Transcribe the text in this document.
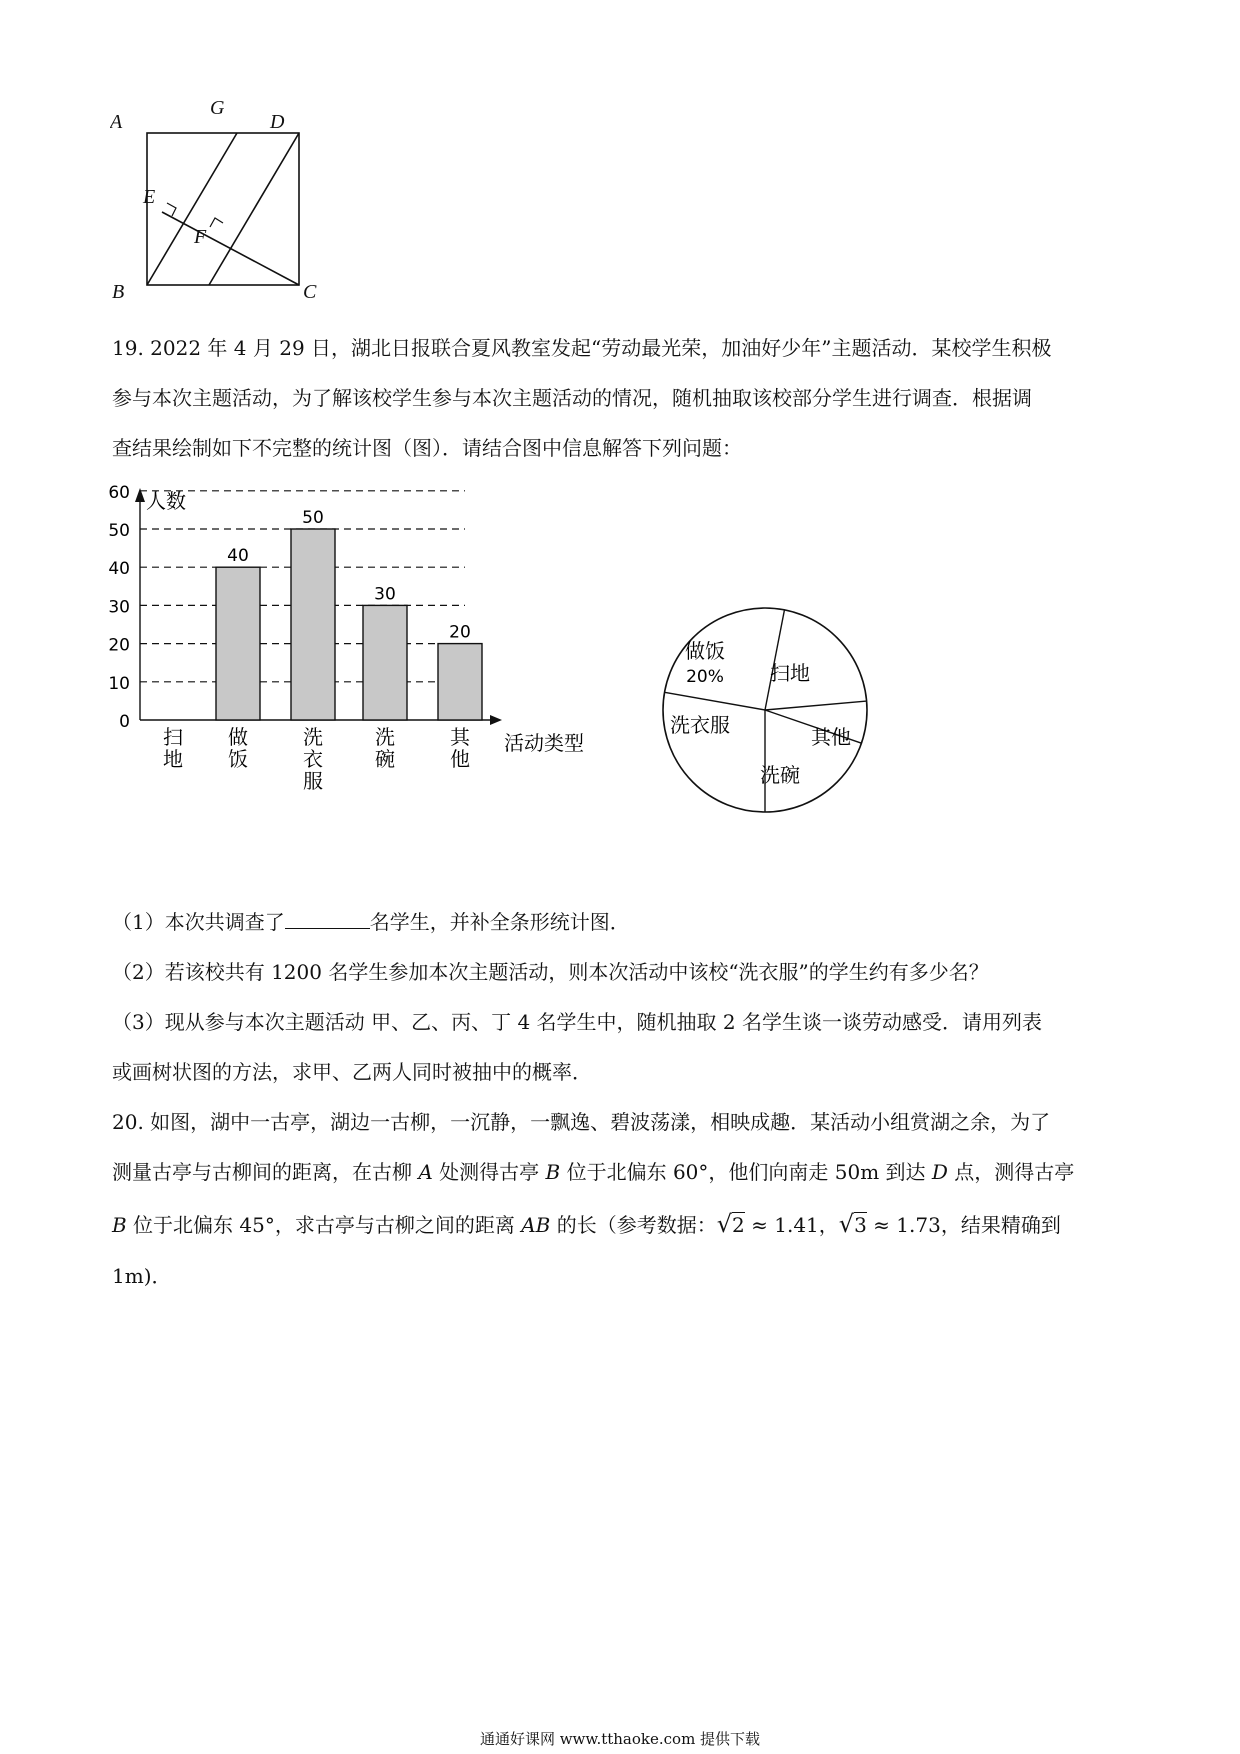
A
G
D
E
F
B	C
19. 2022 年 4 月 29 日，湖北日报联合夏风教室发起“劳动最光荣，加油好少年”主题活动．某校学生积极
参与本次主题活动，为了解该校学生参与本次主题活动的情况，随机抽取该校部分学生进行调查．根据调
查结果绘制如下不完整的统计图（图）．请结合图中信息解答下列问题：
人数
0
10
20
30
40
50
60
扫
地
40
做
饭
50
洗
衣
服
30
洗
碗
20
其
他
活动类型
做饭
20% 扫地
其他
洗碗
洗衣服
（1）本次共调查了	名学生，并补全条形统计图．
（2）若该校共有 1200 名学生参加本次主题活动，则本次活动中该校“洗衣服”的学生约有多少名？
（3）现从参与本次主题活动 甲、乙、丙、丁 4 名学生中，随机抽取 2 名学生谈一谈劳动感受．请用列表
或画树状图的方法，求甲、乙两人同时被抽中的概率．
20. 如图，湖中一古亭，湖边一古柳，一沉静，一飘逸、碧波荡漾，相映成趣．某活动小组赏湖之余，为了
测量古亭与古柳间的距离，在古柳 A 处测得古亭 B 位于北偏东 60°，他们向南走 50m 到达 D 点，测得古亭
B 位于北偏东 45°，求古亭与古柳之间的距离 AB 的长（参考数据：√2 ≈ 1.41，√3 ≈ 1.73，结果精确到
1m)．
通通好课网 www.tthaoke.com 提供下载
